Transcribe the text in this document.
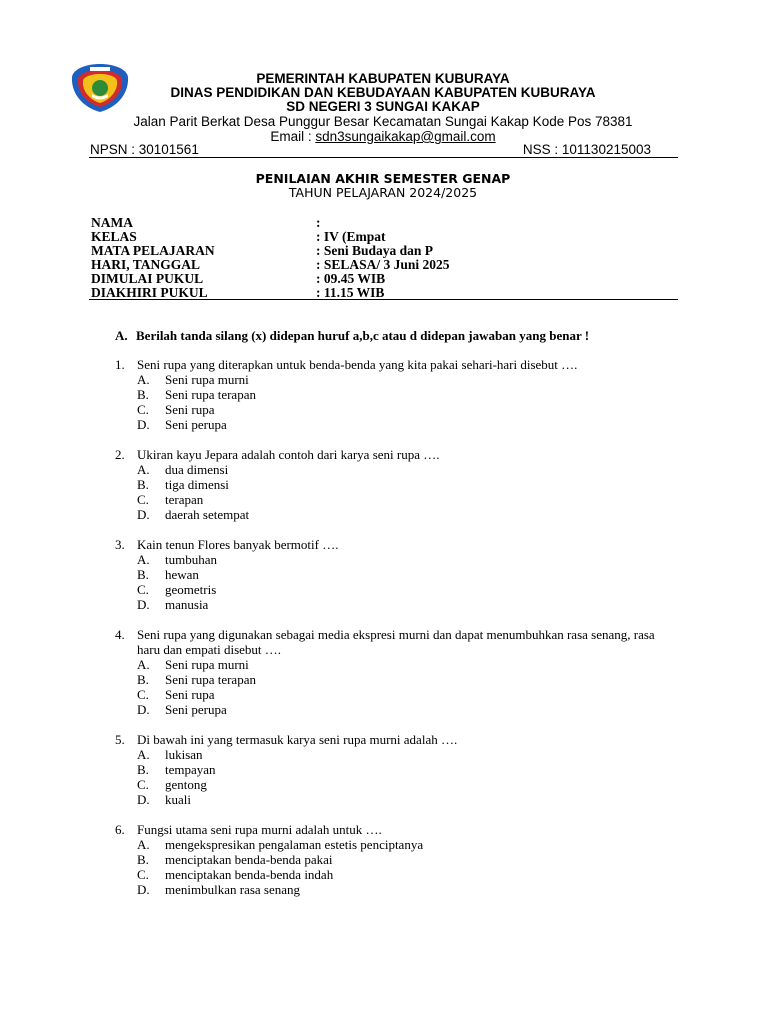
PEMERINTAH KABUPATEN KUBURAYA
DINAS PENDIDIKAN DAN KEBUDAYAAN KABUPATEN KUBURAYA
SD NEGERI 3 SUNGAI KAKAP
Jalan Parit Berkat Desa Punggur Besar Kecamatan Sungai Kakap Kode Pos 78381
Email : sdn3sungaikakap@gmail.com
NPSN : 30101561	NSS : 101130215003
PENILAIAN AKHIR SEMESTER GENAP
TAHUN PELAJARAN 2024/2025
NAMA	:
KELAS	: IV (Empat
MATA PELAJARAN	: Seni Budaya dan P
HARI, TANGGAL	: SELASA/ 3 Juni 2025
DIMULAI PUKUL	: 09.45 WIB
DIAKHIRI PUKUL	: 11.15 WIB
A. Berilah tanda silang (x) didepan huruf a,b,c atau d didepan jawaban yang benar !
1. Seni rupa yang diterapkan untuk benda-benda yang kita pakai sehari-hari disebut ….
A.	Seni rupa murni
B.	Seni rupa terapan
C.	Seni rupa
D.	Seni perupa
2. Ukiran kayu Jepara adalah contoh dari karya seni rupa ….
A.	dua dimensi
B.	tiga dimensi
C.	terapan
D.	daerah setempat
3. Kain tenun Flores banyak bermotif ….
A.	tumbuhan
B.	hewan
C.	geometris
D.	manusia
4. Seni rupa yang digunakan sebagai media ekspresi murni dan dapat menumbuhkan rasa senang, rasa haru dan empati disebut ….
A.	Seni rupa murni
B.	Seni rupa terapan
C.	Seni rupa
D.	Seni perupa
5. Di bawah ini yang termasuk karya seni rupa murni adalah ….
A.	lukisan
B.	tempayan
C.	gentong
D.	kuali
6. Fungsi utama seni rupa murni adalah untuk ….
A.	mengekspresikan pengalaman estetis penciptanya
B.	menciptakan benda-benda pakai
C.	menciptakan benda-benda indah
D.	menimbulkan rasa senang
